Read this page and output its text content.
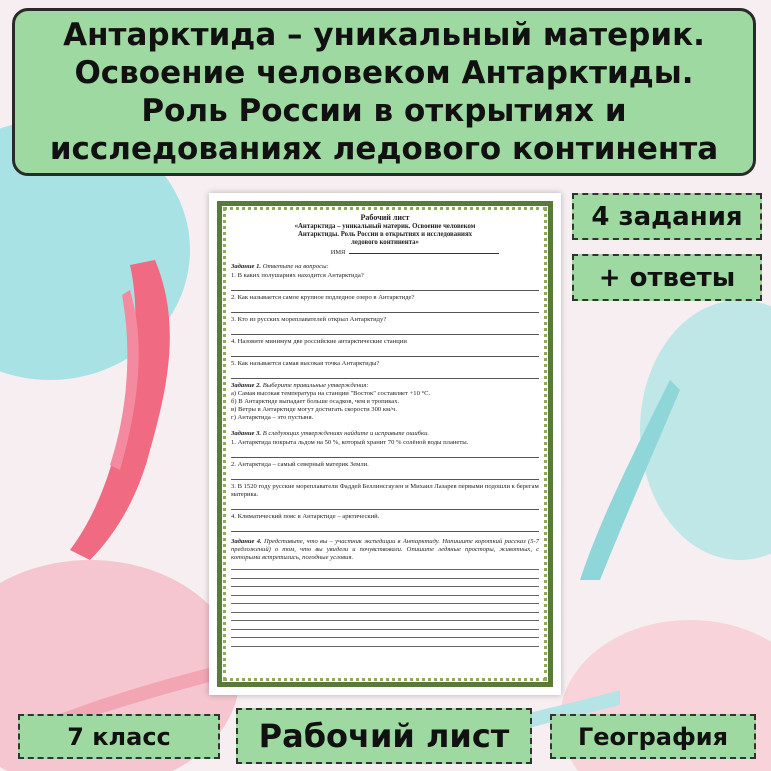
Антарктида – уникальный материк.
Освоение человеком Антарктиды.
Роль России в открытиях и
исследованиях ледового континента
4 задания
+ ответы
7 класс	Рабочий лист	География
Рабочий лист
«Антарктида – уникальный материк. Освоение человеком
Антарктиды. Роль России в открытиях и исследованиях
ледового континента»
ИМЯ
Задание 1. Ответьте на вопросы:
1. В каких полушариях находится Антарктида?
2. Как называется самое крупное подледное озеро в Антарктиде?
3. Кто из русских мореплавателей открыл Антарктиду?
4. Назовите минимум две российские антарктические станции
5. Как называется самая высокая точка Антарктиды?
Задание 2. Выберите правильные утверждения:
а) Самая высокая температура на станции "Восток" составляет +10 °С.
б) В Антарктиде выпадает больше осадков, чем в тропиках.
в) Ветры в Антарктиде могут достигать скорости 300 км/ч.
г) Антарктида – это пустыня.
Задание 3. В следующих утверждениях найдите и исправьте ошибки.
1. Антарктида покрыта льдом на 50 %, который хранит 70 % солёной воды планеты.
2. Антарктида – самый северный материк Земли.
3. В 1520 году русские мореплаватели Фаддей Беллинсгаузен и Михаил Лазарев первыми подошли к берегам материка.
4. Климатический пояс в Антарктиде – арктический.
Задание 4. Представьте, что вы – участник экспедиции в Антарктиду. Напишите короткий рассказ (5-7 предложений) о том, что вы увидели и почувствовали. Опишите ледяные просторы, животных, с которыми встретились, погодные условия.
